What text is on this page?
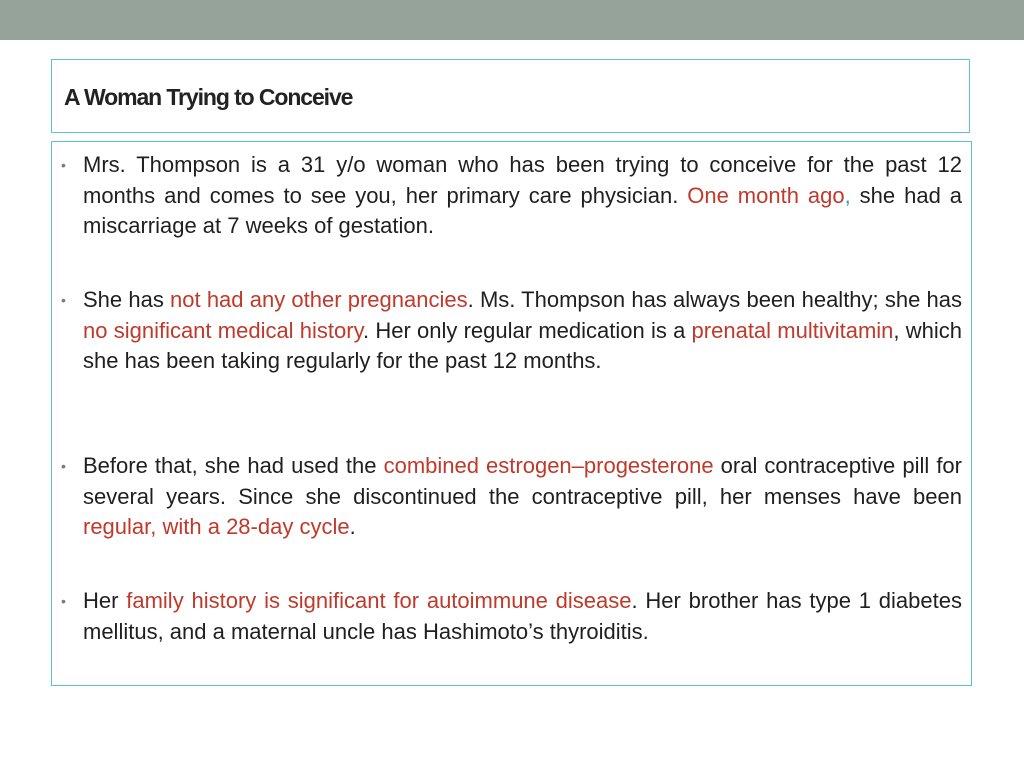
A Woman Trying to Conceive
• Mrs. Thompson is a 31 y/o woman who has been trying to conceive for the past 12 months and comes to see you, her primary care physician. One month ago, she had a miscarriage at 7 weeks of gestation.
• She has not had any other pregnancies. Ms. Thompson has always been healthy; she has no significant medical history. Her only regular medication is a prenatal multivitamin, which she has been taking regularly for the past 12 months.
• Before that, she had used the combined estrogen–progesterone oral contraceptive pill for several years. Since she discontinued the contraceptive pill, her menses have been regular, with a 28-day cycle.
• Her family history is significant for autoimmune disease. Her brother has type 1 diabetes mellitus, and a maternal uncle has Hashimoto’s thyroiditis.
